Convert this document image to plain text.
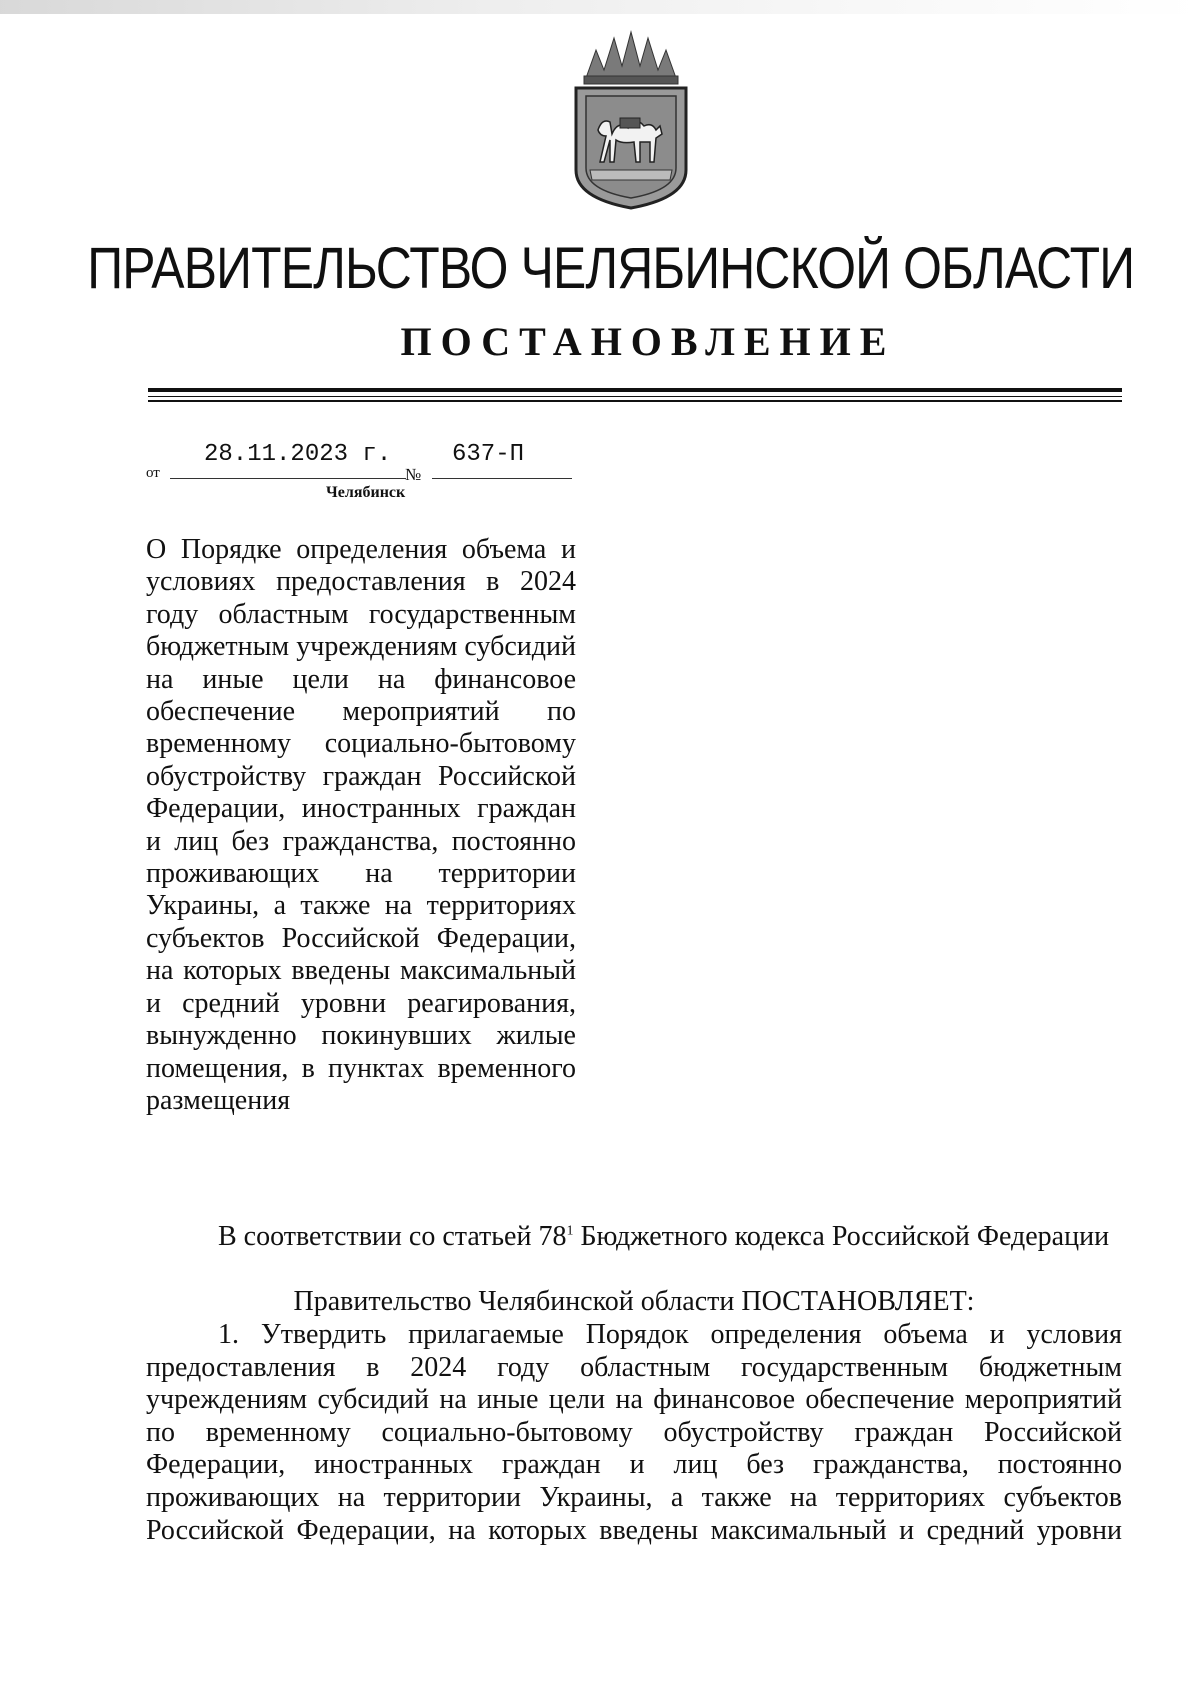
ПРАВИТЕЛЬСТВО ЧЕЛЯБИНСКОЙ ОБЛАСТИ
ПОСТАНОВЛЕНИЕ
от
28.11.2023 г.
№
637-П
Челябинск
О Порядке определения объема и условиях предоставления в 2024 году областным государственным бюджетным учреждениям субсидий на иные цели на финансовое обеспечение мероприятий по временному социально-бытовому обустройству граждан Российской Федерации, иностранных граждан и лиц без гражданства, постоянно проживающих на территории Украины, а также на территориях субъектов Российской Федерации, на которых введены максимальный и средний уровни реагирования, вынужденно покинувших жилые помещения, в пунктах временного размещения
В соответствии со статьей $78^1$ Бюджетного кодекса Российской Федерации
Правительство Челябинской области ПОСТАНОВЛЯЕТ:
1. Утвердить прилагаемые Порядок определения объема и условия предоставления в 2024 году областным государственным бюджетным учреждениям субсидий на иные цели на финансовое обеспечение мероприятий по временному социально-бытовому обустройству граждан Российской Федерации, иностранных граждан и лиц без гражданства, постоянно проживающих на территории Украины, а также на территориях субъектов Российской Федерации, на которых введены максимальный и средний уровни
